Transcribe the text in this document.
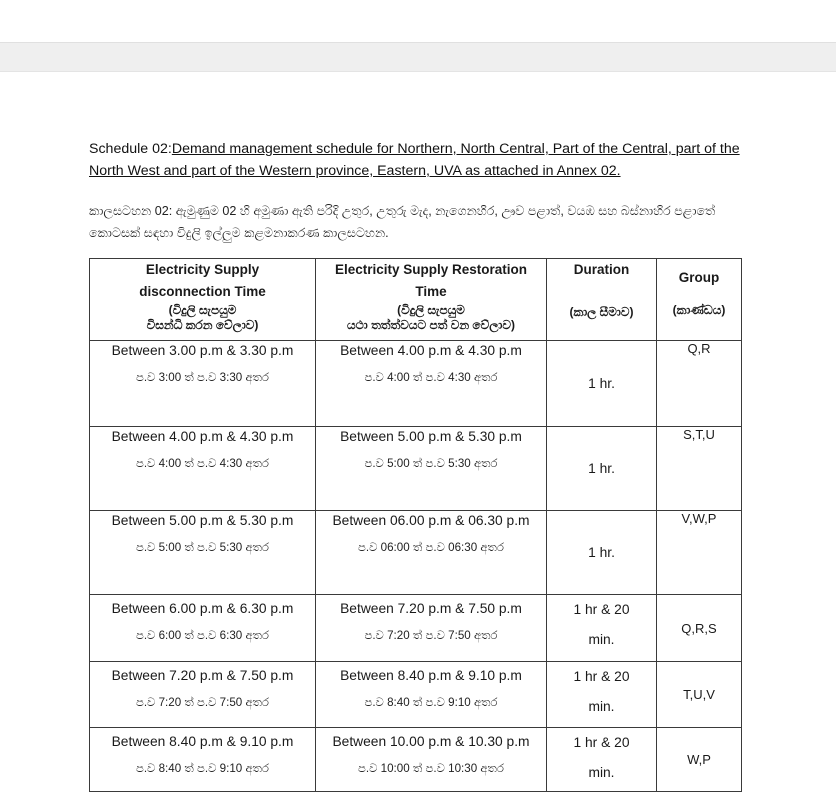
Schedule 02:Demand management schedule for Northern, North Central, Part of the Central, part of the North West and part of the Western province, Eastern, UVA as attached in Annex 02.
කාලසටහන 02: ඇමුණුම 02 හි අමුණා ඇති පරිදි උතුර, උතුරු මැද, නැගෙනහිර, ඌව පළාත්, වයඹ සහ බස්නාහිර පළාතේ කොටසක් සඳහා විදුලි ඉල්ලුම කළමනාකරණ කාලසටහන.
Electricity Supply
disconnection Time
(විදුලි සැපයුම
විසන්ධි කරන වේලාව)	Electricity Supply Restoration
Time
(විදුලි සැපයුම
යථා තත්ත්වයට පත් වන වේලාව)	Duration
(කාල සීමාව)	Group
(කාණ්ඩය)

Between 3.00 p.m & 3.30 p.m
ප.ව 3:00 ත් ප.ව 3:30 අතර	Between 4.00 p.m & 4.30 p.m
ප.ව 4:00 ත් ප.ව 4:30 අතර	1 hr.	Q,R

Between 4.00 p.m & 4.30 p.m
ප.ව 4:00 ත් ප.ව 4:30 අතර	Between 5.00 p.m & 5.30 p.m
ප.ව 5:00 ත් ප.ව 5:30 අතර	1 hr.	S,T,U

Between 5.00 p.m & 5.30 p.m
ප.ව 5:00 ත් ප.ව 5:30 අතර	Between 06.00 p.m & 06.30 p.m
ප.ව 06:00 ත් ප.ව 06:30 අතර	1 hr.	V,W,P

Between 6.00 p.m & 6.30 p.m
ප.ව 6:00 ත් ප.ව 6:30 අතර	Between 7.20 p.m & 7.50 p.m
ප.ව 7:20 ත් ප.ව 7:50 අතර	1 hr & 20
min.	Q,R,S

Between 7.20 p.m & 7.50 p.m
ප.ව 7:20 ත් ප.ව 7:50 අතර	Between 8.40 p.m & 9.10 p.m
ප.ව 8:40 ත් ප.ව 9:10 අතර	1 hr & 20
min.	T,U,V

Between 8.40 p.m & 9.10 p.m
ප.ව 8:40 ත් ප.ව 9:10 අතර	Between 10.00 p.m & 10.30 p.m
ප.ව 10:00 ත් ප.ව 10:30 අතර	1 hr & 20
min.	W,P
